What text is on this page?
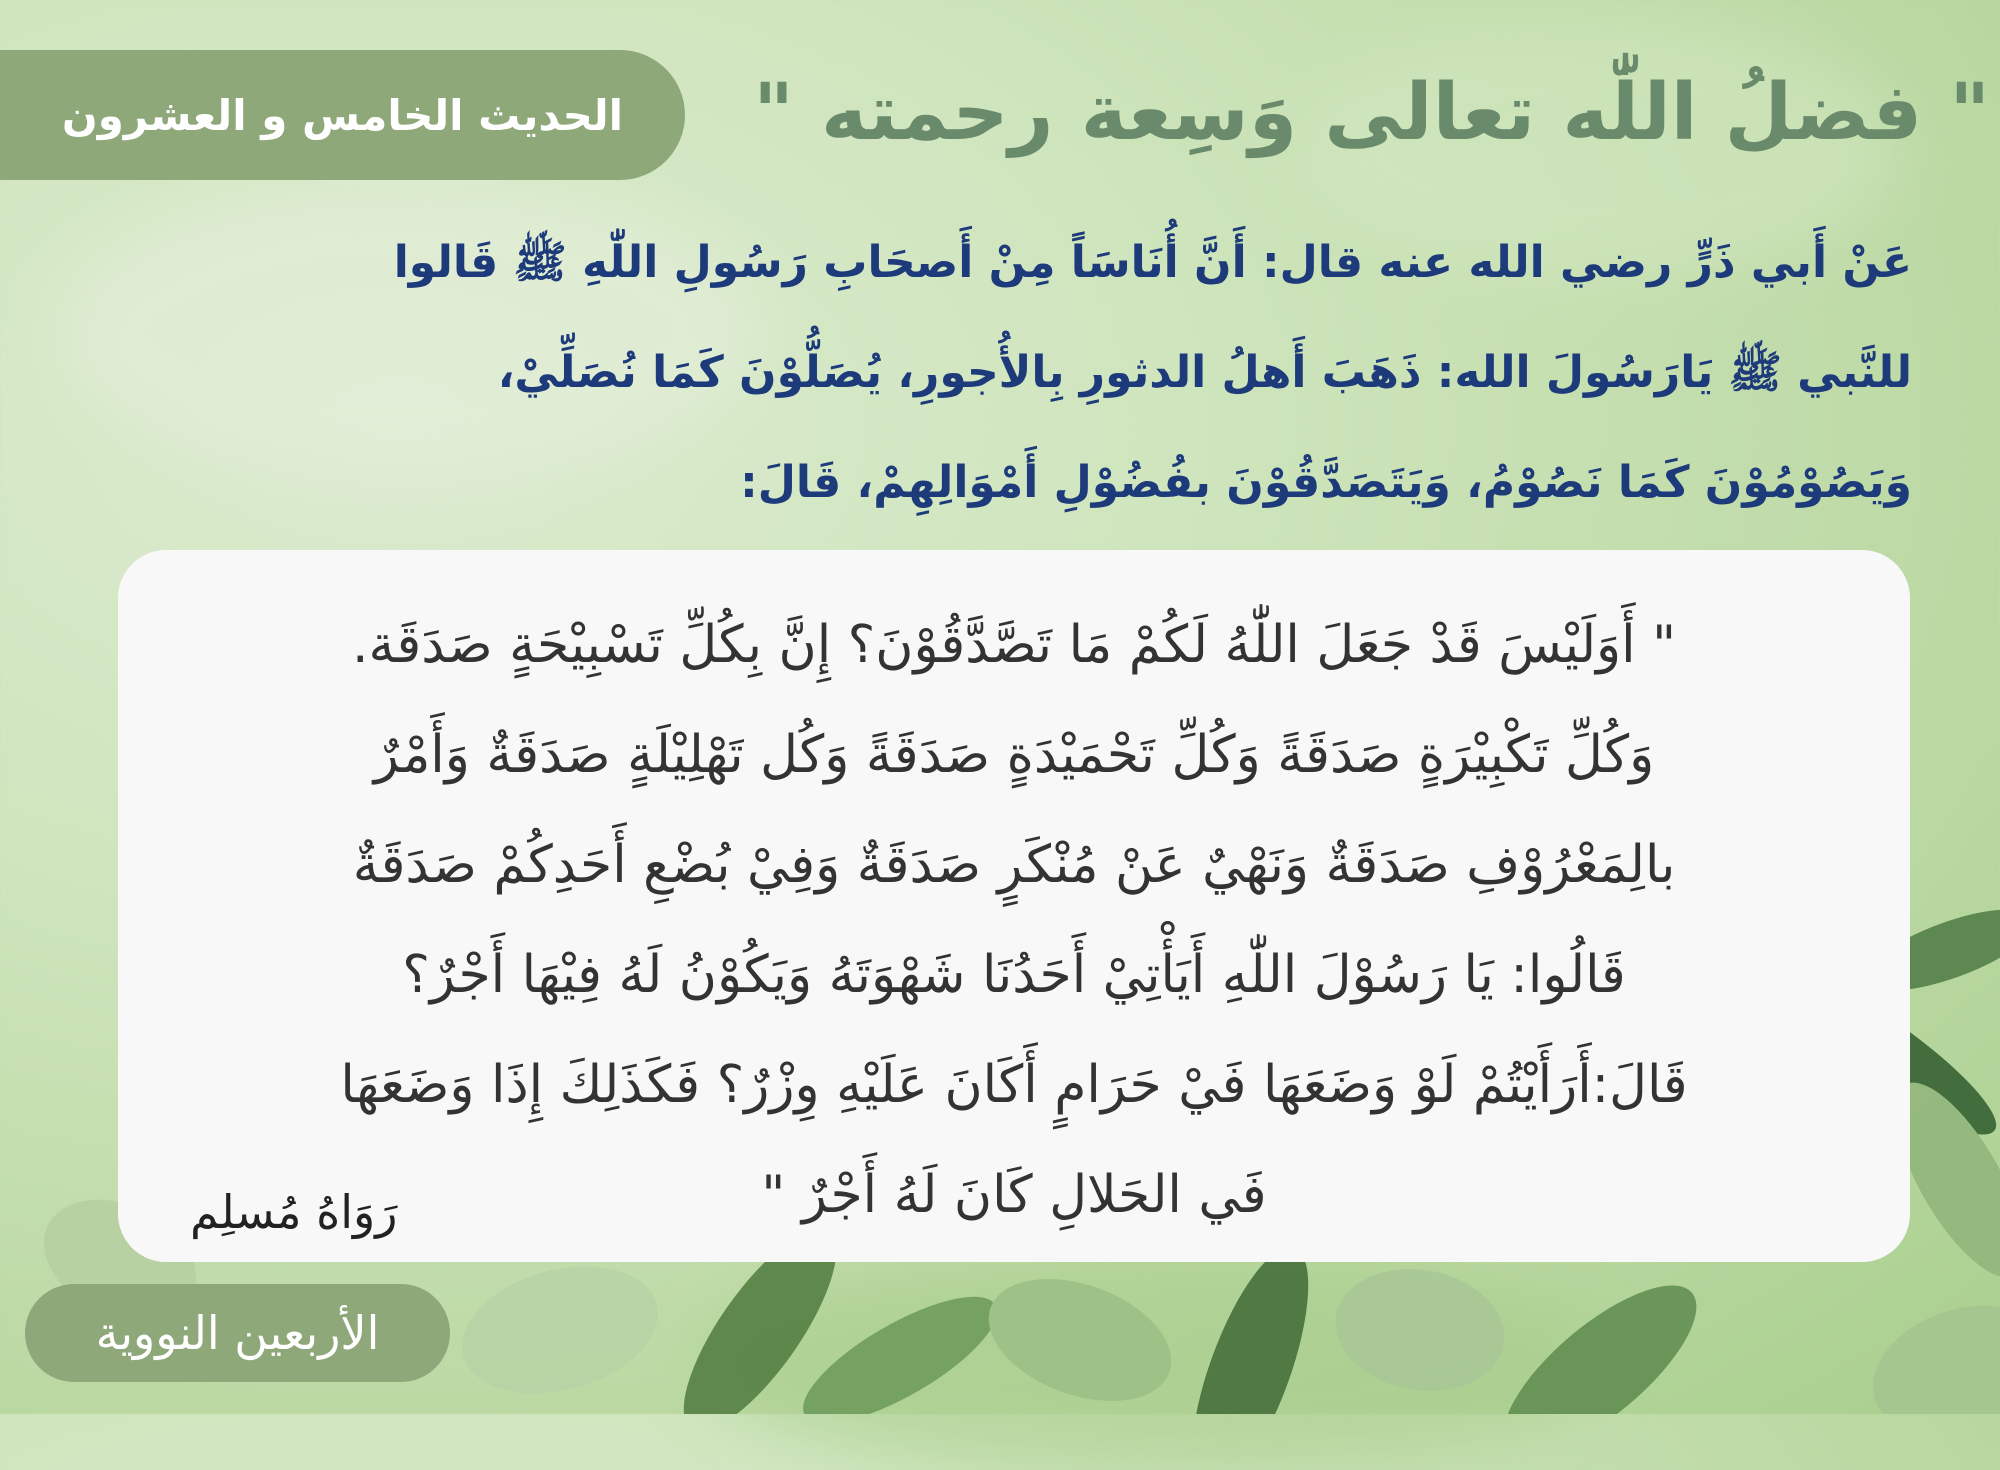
الحديث الخامس و العشرون	" فضلُ اللّٰه تعالى وَسِعة رحمته "
عَنْ أَبي ذَرٍّ رضي الله عنه قال: أَنَّ أُنَاسَاً مِنْ أَصحَابِ رَسُولِ اللّٰهِ ﷺ قَالوا
للنَّبي ﷺ يَارَسُولَ الله: ذَهَبَ أَهلُ الدثورِ بِالأُجورِ، يُصَلُّوْنَ كَمَا نُصَلِّيْ،
وَيَصُوْمُوْنَ كَمَا نَصُوْمُ، وَيَتَصَدَّقُوْنَ بفُضُوْلِ أَمْوَالِهِمْ، قَالَ:
" أَوَلَيْسَ قَدْ جَعَلَ اللّٰهُ لَكُمْ مَا تَصَّدَّقُوْنَ؟ إِنَّ بِكُلِّ تَسْبِيْحَةٍ صَدَقَة.
وَكُلِّ تَكْبِيْرَةٍ صَدَقَةً وَكُلِّ تَحْمَيْدَةٍ صَدَقَةً وَكُل تَهْلِيْلَةٍ صَدَقَةٌ وَأَمْرٌ
بالِمَعْرُوْفِ صَدَقَةٌ وَنَهْيٌ عَنْ مُنْكَرٍ صَدَقَةٌ وَفِيْ بُضْعِ أَحَدِكُمْ صَدَقَةٌ
قَالُوا: يَا رَسُوْلَ اللّٰهِ أَيَأْتِيْ أَحَدُنَا شَهْوَتَهُ وَيَكُوْنُ لَهُ فِيْهَا أَجْرٌ؟
قَالَ:أَرَأَيْتُمْ لَوْ وَضَعَهَا فَيْ حَرَامٍ أَكَانَ عَلَيْهِ وِزْرٌ؟ فَكَذَلِكَ إِذَا وَضَعَهَا
فَي الحَلالِ كَانَ لَهُ أَجْرٌ "
رَوَاهُ مُسلِم
الأربعين النووية
